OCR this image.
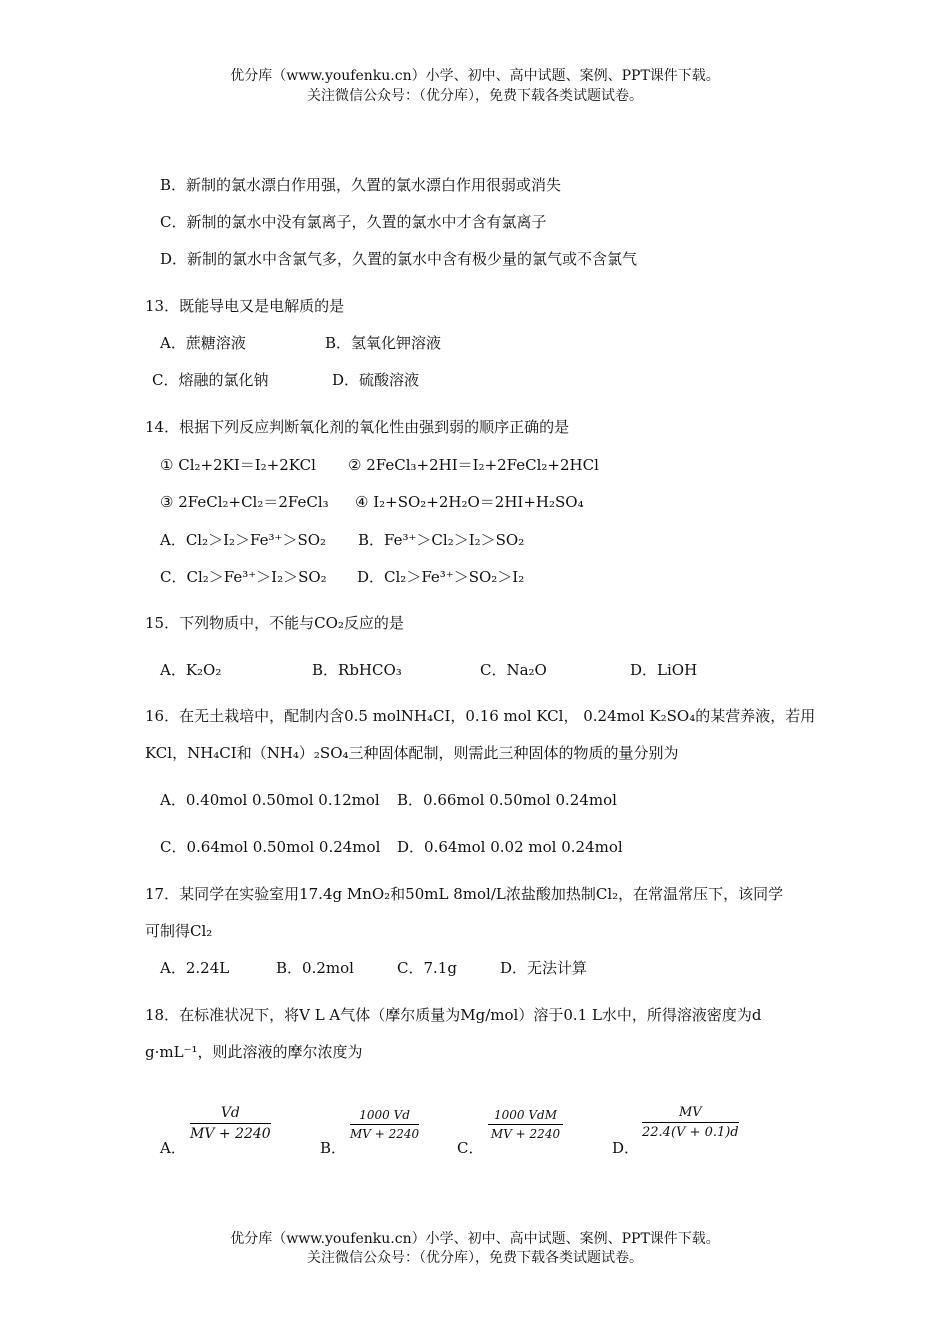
优分库（www.youfenku.cn）小学、初中、高中试题、案例、PPT课件下载。
关注微信公众号：（优分库），免费下载各类试题试卷。
B．新制的氯水漂白作用强，久置的氯水漂白作用很弱或消失
C．新制的氯水中没有氯离子，久置的氯水中才含有氯离子
D．新制的氯水中含氯气多，久置的氯水中含有极少量的氯气或不含氯气
13．既能导电又是电解质的是
A．蔗糖溶液	B．氢氧化钾溶液
C．熔融的氯化钠	D．硫酸溶液
14．根据下列反应判断氧化剂的氧化性由强到弱的顺序正确的是
① Cl₂+2KI＝I₂+2KCl ② 2FeCl₃+2HI＝I₂+2FeCl₂+2HCl
③ 2FeCl₂+Cl₂＝2FeCl₃ ④ I₂+SO₂+2H₂O＝2HI+H₂SO₄
A．Cl₂＞I₂＞Fe³⁺＞SO₂ B．Fe³⁺＞Cl₂＞I₂＞SO₂
C．Cl₂＞Fe³⁺＞I₂＞SO₂ D．Cl₂＞Fe³⁺＞SO₂＞I₂
15．下列物质中，不能与CO₂反应的是
A．K₂O₂	B．RbHCO₃	C．Na₂O	D．LiOH
16．在无土栽培中，配制内含0.5 molNH₄CI，0.16 mol KCl， 0.24mol K₂SO₄的某营养液，若用
KCl，NH₄CI和（NH₄）₂SO₄三种固体配制，则需此三种固体的物质的量分别为
A．0.40mol 0.50mol 0.12mol B．0.66mol 0.50mol 0.24mol
C．0.64mol 0.50mol 0.24mol D．0.64mol 0.02 mol 0.24mol
17．某同学在实验室用17.4g MnO₂和50mL 8mol/L浓盐酸加热制Cl₂，在常温常压下，该同学
可制得Cl₂
A．2.24L	B．0.2mol	C．7.1g	D．无法计算
18．在标准状况下，将V L A气体（摩尔质量为Mg/mol）溶于0.1 L水中，所得溶液密度为d
g·mL⁻¹，则此溶液的摩尔浓度为
A．
$\frac{Vd}{MV + 2240}$
B．
$\frac{1000 Vd}{MV + 2240}$
C．
1000 VdM
MV + 2240
D．
$\frac{MV}{22.4(V + 0.1)d}$
优分库（www.youfenku.cn）小学、初中、高中试题、案例、PPT课件下载。
关注微信公众号：（优分库），免费下载各类试题试卷。
